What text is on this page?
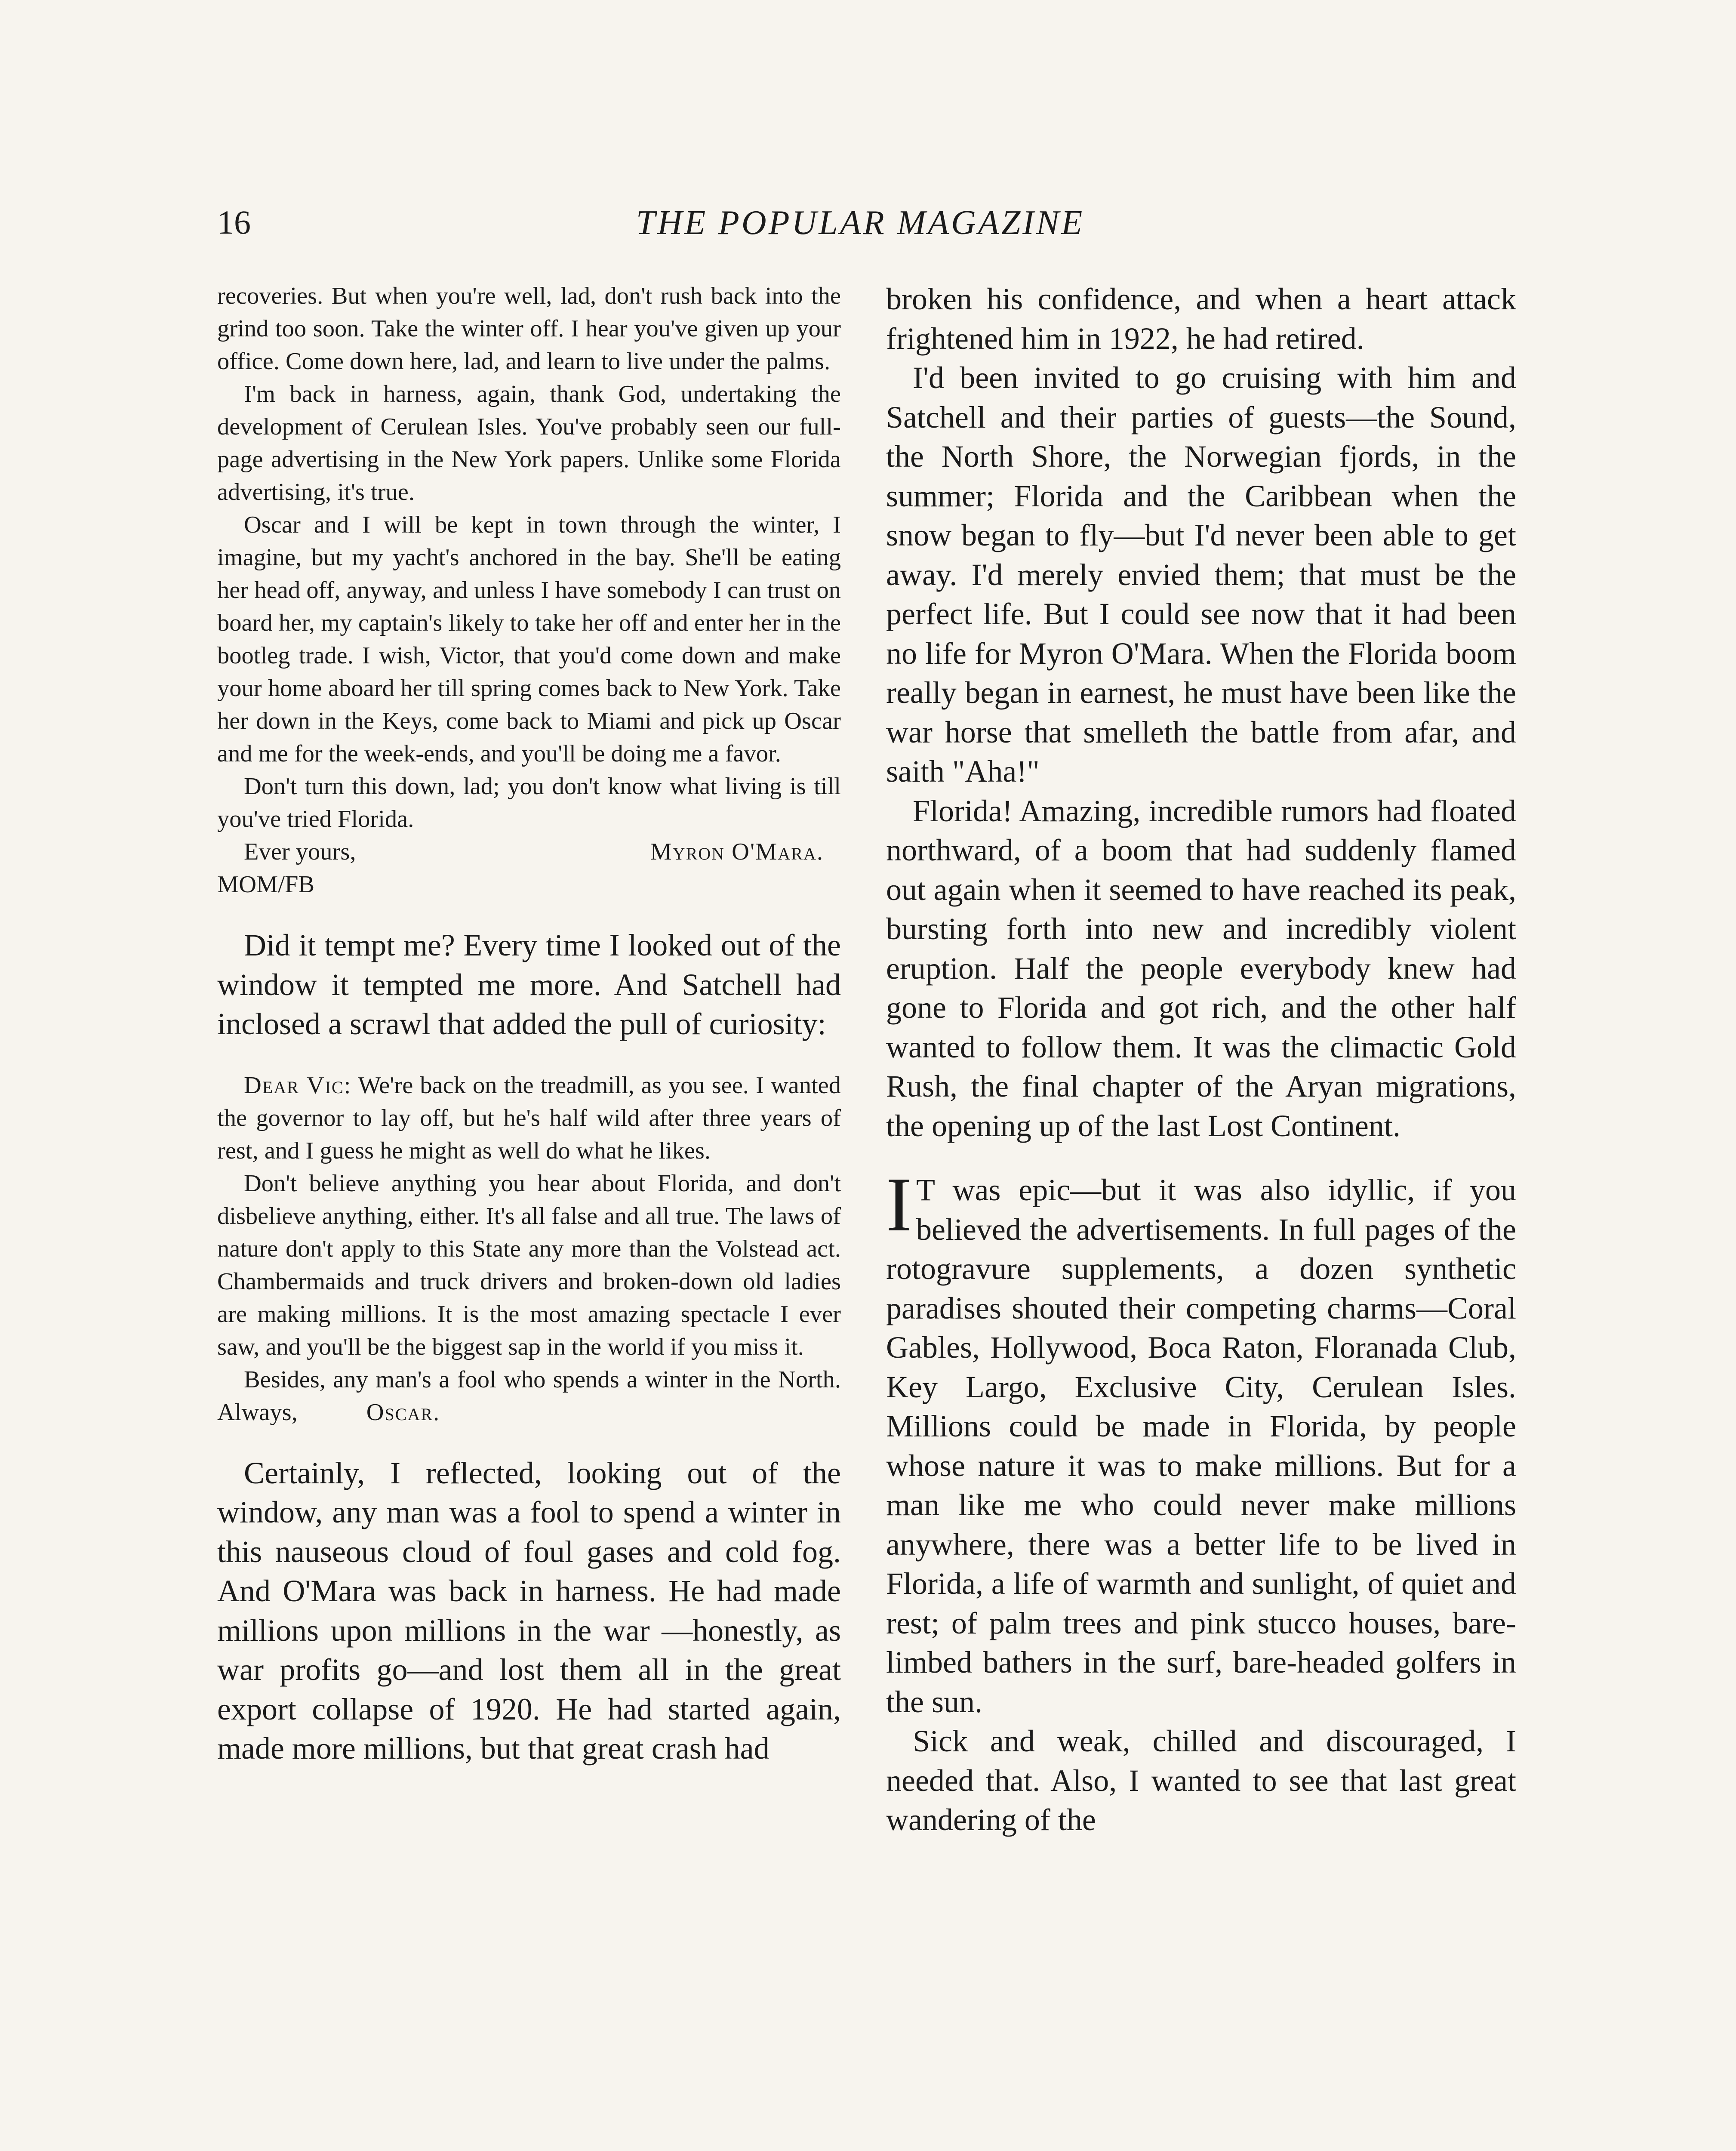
16	THE POPULAR MAGAZINE

recoveries. But when you're well, lad, don't rush back into the grind too soon. Take the winter off. I hear you've given up your office. Come down here, lad, and learn to live under the palms.

I'm back in harness, again, thank God, undertaking the development of Cerulean Isles. You've probably seen our full-page advertising in the New York papers. Unlike some Florida advertising, it's true.

Oscar and I will be kept in town through the winter, I imagine, but my yacht's anchored in the bay. She'll be eating her head off, anyway, and unless I have somebody I can trust on board her, my captain's likely to take her off and enter her in the bootleg trade. I wish, Victor, that you'd come down and make your home aboard her till spring comes back to New York. Take her down in the Keys, come back to Miami and pick up Oscar and me for the week-ends, and you'll be doing me a favor.

Don't turn this down, lad; you don't know what living is till you've tried Florida.

Ever yours,	Myron O'Mara.
MOM/FB

Did it tempt me? Every time I looked out of the window it tempted me more. And Satchell had inclosed a scrawl that added the pull of curiosity:

Dear Vic: We're back on the treadmill, as you see. I wanted the governor to lay off, but he's half wild after three years of rest, and I guess he might as well do what he likes.

Don't believe anything you hear about Florida, and don't disbelieve anything, either. It's all false and all true. The laws of nature don't apply to this State any more than the Volstead act. Chambermaids and truck drivers and broken-down old ladies are making millions. It is the most amazing spectacle I ever saw, and you'll be the biggest sap in the world if you miss it.

Besides, any man's a fool who spends a winter in the North. Always,	Oscar.

Certainly, I reflected, looking out of the window, any man was a fool to spend a winter in this nauseous cloud of foul gases and cold fog. And O'Mara was back in harness. He had made millions upon millions in the war —honestly, as war profits go—and lost them all in the great export collapse of 1920. He had started again, made more millions, but that great crash had

broken his confidence, and when a heart attack frightened him in 1922, he had retired.

I'd been invited to go cruising with him and Satchell and their parties of guests—the Sound, the North Shore, the Norwegian fjords, in the summer; Florida and the Caribbean when the snow began to fly—but I'd never been able to get away. I'd merely envied them; that must be the perfect life. But I could see now that it had been no life for Myron O'Mara. When the Florida boom really began in earnest, he must have been like the war horse that smelleth the battle from afar, and saith "Aha!"

Florida! Amazing, incredible rumors had floated northward, of a boom that had suddenly flamed out again when it seemed to have reached its peak, bursting forth into new and incredibly violent eruption. Half the people everybody knew had gone to Florida and got rich, and the other half wanted to follow them. It was the climactic Gold Rush, the final chapter of the Aryan migrations, the opening up of the last Lost Continent.

I T was epic—but it was also idyllic, if you believed the advertisements. In full pages of the rotogravure supplements, a dozen synthetic paradises shouted their competing charms—Coral Gables, Hollywood, Boca Raton, Floranada Club, Key Largo, Exclusive City, Cerulean Isles. Millions could be made in Florida, by people whose nature it was to make millions. But for a man like me who could never make millions anywhere, there was a better life to be lived in Florida, a life of warmth and sunlight, of quiet and rest; of palm trees and pink stucco houses, bare-limbed bathers in the surf, bare-headed golfers in the sun.

Sick and weak, chilled and discouraged, I needed that. Also, I wanted to see that last great wandering of the
